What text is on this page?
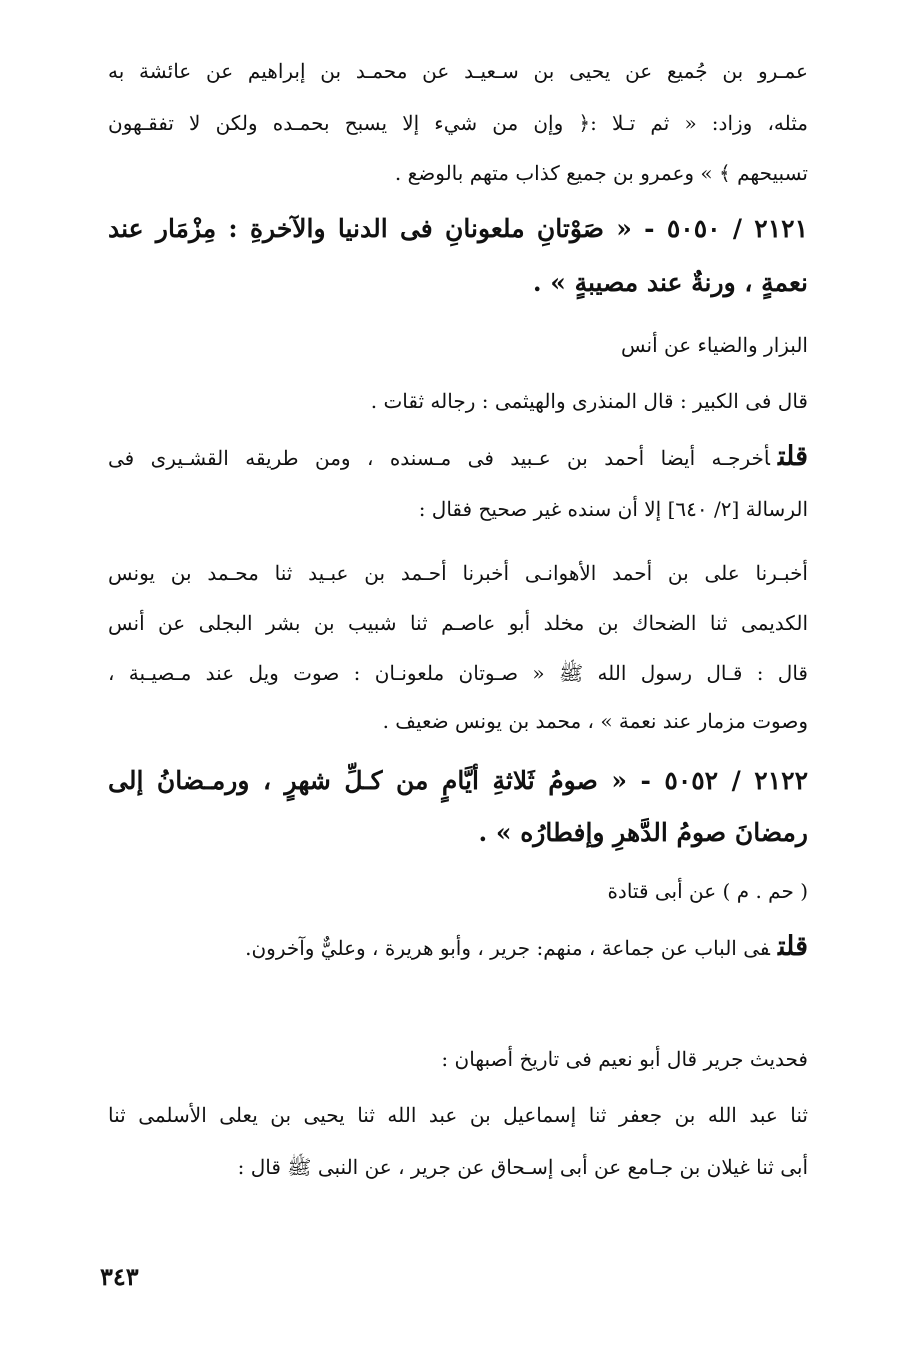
عمـرو بن جُميع عن يحيى بن سـعيـد عن محمـد بن إبراهيم عن عائشة به
مثله، وزاد: « ثم تـلا :﴿ وإن من شيء إلا يسبح بحمـده ولكن لا تفقـهون
تسبيحهم ﴾ » وعمرو بن جميع كذاب متهم بالوضع .
٢١٢١ / ٥٠٥٠ - « صَوْتانِ ملعونانِ فى الدنيا والآخرةِ : مِزْمَار عند
نعمةٍ ، ورنةٌ عند مصيبةٍ » .
البزار والضياء عن أنس
قال فى الكبير : قال المنذرى والهيثمى : رجاله ثقات .
قلتأخرجـه أيضا أحمد بن عـبيد فى مـسنده ، ومن طريقه القشـيرى فى
الرسالة [٢/ ٦٤٠] إلا أن سنده غير صحيح فقال :
أخبـرنا على بن أحمد الأهوانـى أخبرنا أحـمد بن عبـيد ثنا محـمد بن يونس
الكديمى ثنا الضحاك بن مخلد أبو عاصـم ثنا شبيب بن بشر البجلى عن أنس
قال : قـال رسول الله ﷺ « صـوتان ملعونـان : صوت ويل عند مـصيـبة ،
وصوت مزمار عند نعمة » ، محمد بن يونس ضعيف .
٢١٢٢ / ٥٠٥٢ - « صومُ ثَلاثةِ أيَّامٍ من كـلِّ شهرٍ ، ورمـضانُ إلى
رمضانَ صومُ الدَّهرِ وإفطارُه » .
( حم . م ) عن أبى قتادة
قلتفى الباب عن جماعة ، منهم: جرير ، وأبو هريرة ، وعليٌّ وآخرون.
فحديث جرير قال أبو نعيم فى تاريخ أصبهان :
ثنا عبد الله بن جعفر ثنا إسماعيل بن عبد الله ثنا يحيى بن يعلى الأسلمى ثنا
أبى ثنا غيلان بن جـامع عن أبى إسـحاق عن جرير ، عن النبى ﷺ قال :
٣٤٣
